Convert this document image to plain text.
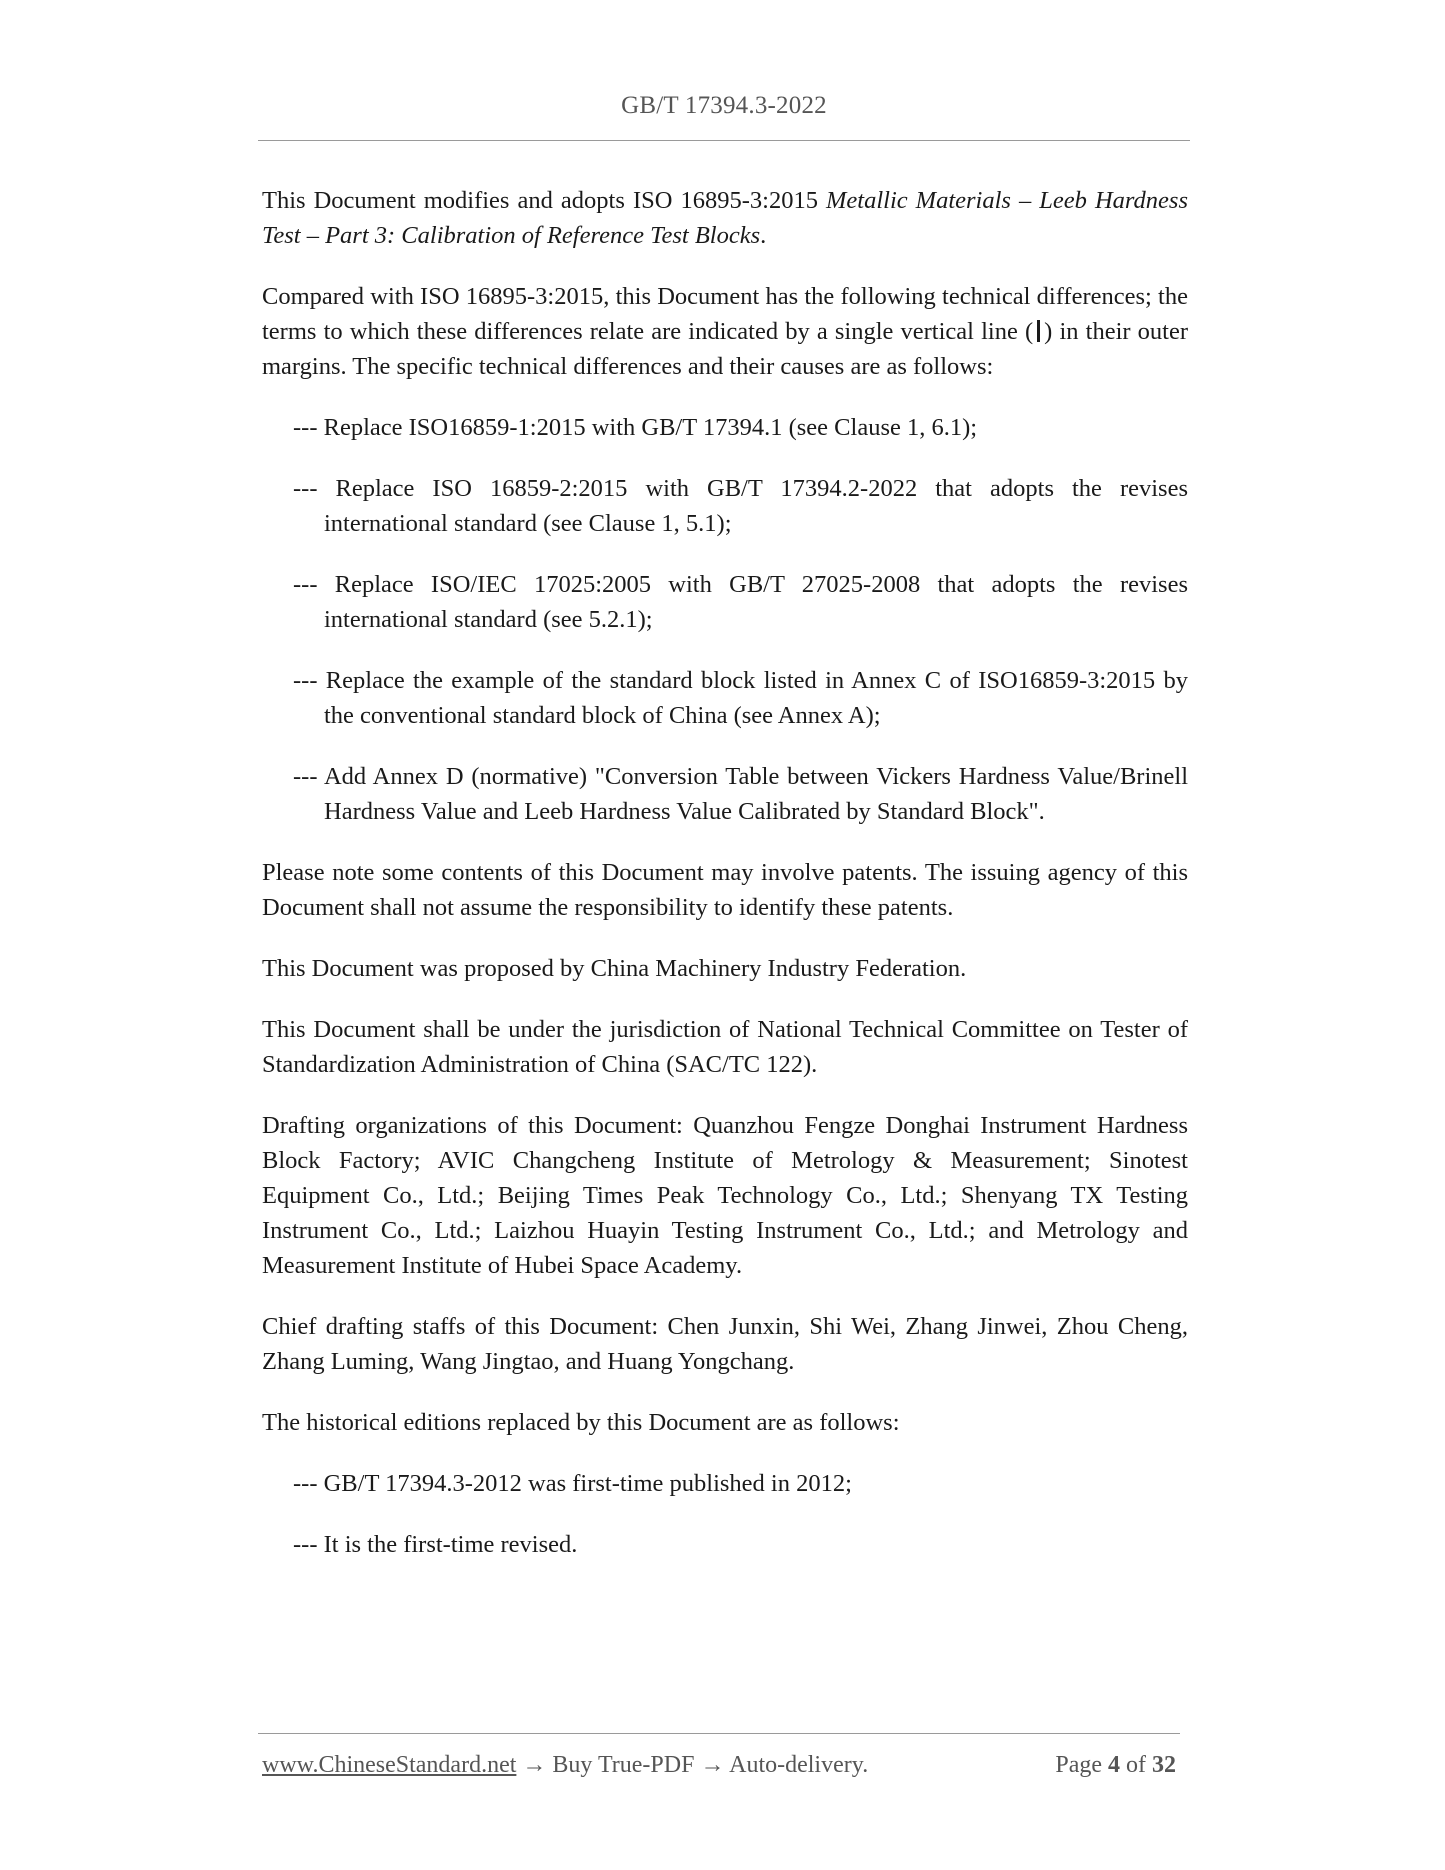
GB/T 17394.3-2022

This Document modifies and adopts ISO 16895-3:2015 Metallic Materials – Leeb Hardness Test – Part 3: Calibration of Reference Test Blocks.

Compared with ISO 16895-3:2015, this Document has the following technical differences; the terms to which these differences relate are indicated by a single vertical line ( ) in their outer margins. The specific technical differences and their causes are as follows:

--- Replace ISO16859-1:2015 with GB/T 17394.1 (see Clause 1, 6.1);

--- Replace ISO 16859-2:2015 with GB/T 17394.2-2022 that adopts the revises international standard (see Clause 1, 5.1);

--- Replace ISO/IEC 17025:2005 with GB/T 27025-2008 that adopts the revises international standard (see 5.2.1);

--- Replace the example of the standard block listed in Annex C of ISO16859-3:2015 by the conventional standard block of China (see Annex A);

--- Add Annex D (normative) "Conversion Table between Vickers Hardness Value/Brinell Hardness Value and Leeb Hardness Value Calibrated by Standard Block".

Please note some contents of this Document may involve patents. The issuing agency of this Document shall not assume the responsibility to identify these patents.

This Document was proposed by China Machinery Industry Federation.

This Document shall be under the jurisdiction of National Technical Committee on Tester of Standardization Administration of China (SAC/TC 122).

Drafting organizations of this Document: Quanzhou Fengze Donghai Instrument Hardness Block Factory; AVIC Changcheng Institute of Metrology & Measurement; Sinotest Equipment Co., Ltd.; Beijing Times Peak Technology Co., Ltd.; Shenyang TX Testing Instrument Co., Ltd.; Laizhou Huayin Testing Instrument Co., Ltd.; and Metrology and Measurement Institute of Hubei Space Academy.

Chief drafting staffs of this Document: Chen Junxin, Shi Wei, Zhang Jinwei, Zhou Cheng, Zhang Luming, Wang Jingtao, and Huang Yongchang.

The historical editions replaced by this Document are as follows:

--- GB/T 17394.3-2012 was first-time published in 2012;

--- It is the first-time revised.

www.ChineseStandard.net → Buy True-PDF → Auto-delivery.	Page 4 of 32
